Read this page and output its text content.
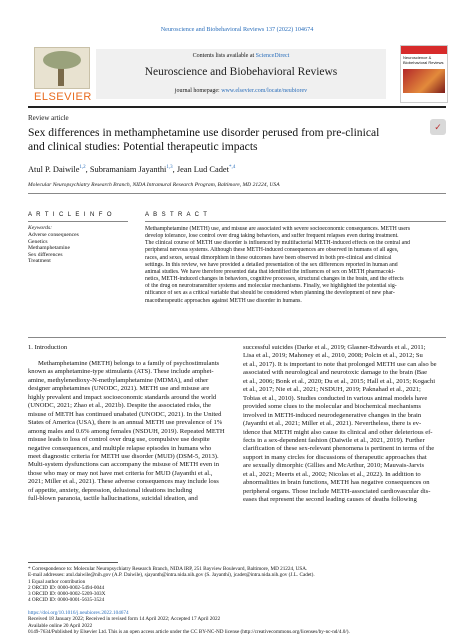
Neuroscience and Biobehavioral Reviews 137 (2022) 104674
ELSEVIER
Contents lists available at ScienceDirect
Neuroscience and Biobehavioral Reviews
journal homepage: www.elsevier.com/locate/neubiorev
Neuroscience & Biobehavioral Reviews
Review article
✓
Sex differences in methamphetamine use disorder perused from pre-clinical
and clinical studies: Potential therapeutic impacts
Atul P. Daiwile$^{1,2}$, Subramaniam Jayanthi$^{1,3}$, Jean Lud Cadet$^{*,4}$
Molecular Neuropsychiatry Research Branch, NIDA Intramural Research Program, Baltimore, MD 21224, USA
A R T I C L E I N F O	A B S T R A C T
Keywords:
Adverse consequences
Genetics
Methamphetamine
Sex differences
Treatment
Methamphetamine (METH) use, and misuse are associated with severe socioeconomic consequences. METH users
develop tolerance, lose control over drug taking behaviors, and suffer frequent relapses even during treatment.
The clinical course of METH use disorder is influenced by multifactorial METH-induced effects on the central and
peripheral nervous systems. Although these METH-induced consequences are observed in humans of all ages,
races, and sexes, sexual dimorphism in these outcomes have been observed in both pre-clinical and clinical
settings. In this review, we have provided a detailed presentation of the sex differences reported in human and
animal studies. We have therefore presented data that identified the influences of sex on METH pharmacoki-
netics, METH-induced changes in behaviors, cognitive processes, structural changes in the brain, and the effects
of the drug on neurotransmitter systems and molecular mechanisms. Finally, we highlighted the potential sig-
nificance of sex as a critical variable that should be considered when planning the development of new phar-
macotherapeutic approaches against METH use disorder in humans.
1. Introduction
Methamphetamine (METH) belongs to a family of psychostimulants
known as amphetamine-type stimulants (ATS). These include amphet-
amine, methylenedioxy-N-methylamphetamine (MDMA), and other
designer amphetamines (UNODC, 2021). METH use and misuse are
highly prevalent and impact socioeconomic standards around the world
(UNODC, 2021; Zhao et al., 2021b). Despite the associated risks, the
misuse of METH has continued unabated (UNODC, 2021). In the United
States of America (USA), there is an annual METH use prevalence of 1%
among males and 0.6% among females (NSDUH, 2019). Repeated METH
misuse leads to loss of control over drug use, compulsive use despite
negative consequences, and multiple relapse episodes in humans who
meet diagnostic criteria for METH use disorder (MUD) (DSM-5, 2013).
Multi-system dysfunctions can accompany the misuse of METH even in
those who may or may not have met criteria for MUD (Jayanthi et al.,
2021; Miller et al., 2021). These adverse consequences may include loss
of appetite, anxiety, depression, delusional ideations including
full-blown paranoia, tactile hallucinations, suicidal ideation, and
successful suicides (Darke et al., 2019; Glasner-Edwards et al., 2011;
Lisa et al., 2019; Mahoney et al., 2010, 2008; Polcin et al., 2012; Su
et al., 2017). It is important to note that prolonged METH use can also be
associated with neurological and neurotoxic damage to the brain (Bae
et al., 2006; Bonk et al., 2020; Du et al., 2015; Hall et al., 2015; Kogachi
et al., 2017; Nie et al., 2021; NSDUH, 2019; Paknahad et al., 2021;
Tobias et al., 2010). Studies conducted in various animal models have
provided some clues to the molecular and biochemical mechanisms
involved in METH-induced neurodegenerative changes in the brain
(Jayanthi et al., 2021; Miller et al., 2021). Nevertheless, there is ev-
idence that METH might also cause its clinical and other deleterious ef-
fects in a sex-dependent fashion (Daiwile et al., 2021, 2019). Further
clarification of these sex-relevant phenomena is pertinent in terms of the
support in many circles for discussions of therapeutic approaches that
are sexually dimorphic (Gillies and McArthur, 2010; Mauvais-Jarvis
et al., 2021; Meerts et al., 2002; Nicolas et al., 2022). In addition to
abnormalities in brain functions, METH has negative consequences on
peripheral organs. Those include METH-associated cardiovascular dis-
eases that represent the second leading causes of deaths following
* Correspondence to: Molecular Neuropsychiatry Research Branch, NIDA IRP, 251 Bayview Boulevard, Baltimore, MD 21224, USA.
E-mail addresses: atul.daiwile@nih.gov (A.P. Daiwile), sjayanth@intra.nida.nih.gov (S. Jayanthi), jcadet@intra.nida.nih.gov (J.L. Cadet).
1 Equal author contribution
2 ORCID ID: 0000-0002-5494-0044
3 ORCID ID: 0000-0002-5209-303X
4 ORCID ID: 0000-0001-5635-3524

https://doi.org/10.1016/j.neubiorev.2022.104674
Received 18 January 2022; Received in revised form 14 April 2022; Accepted 17 April 2022
Available online 20 April 2022
0149-7634/Published by Elsevier Ltd. This is an open access article under the CC BY-NC-ND license (http://creativecommons.org/licenses/by-nc-nd/4.0/).
